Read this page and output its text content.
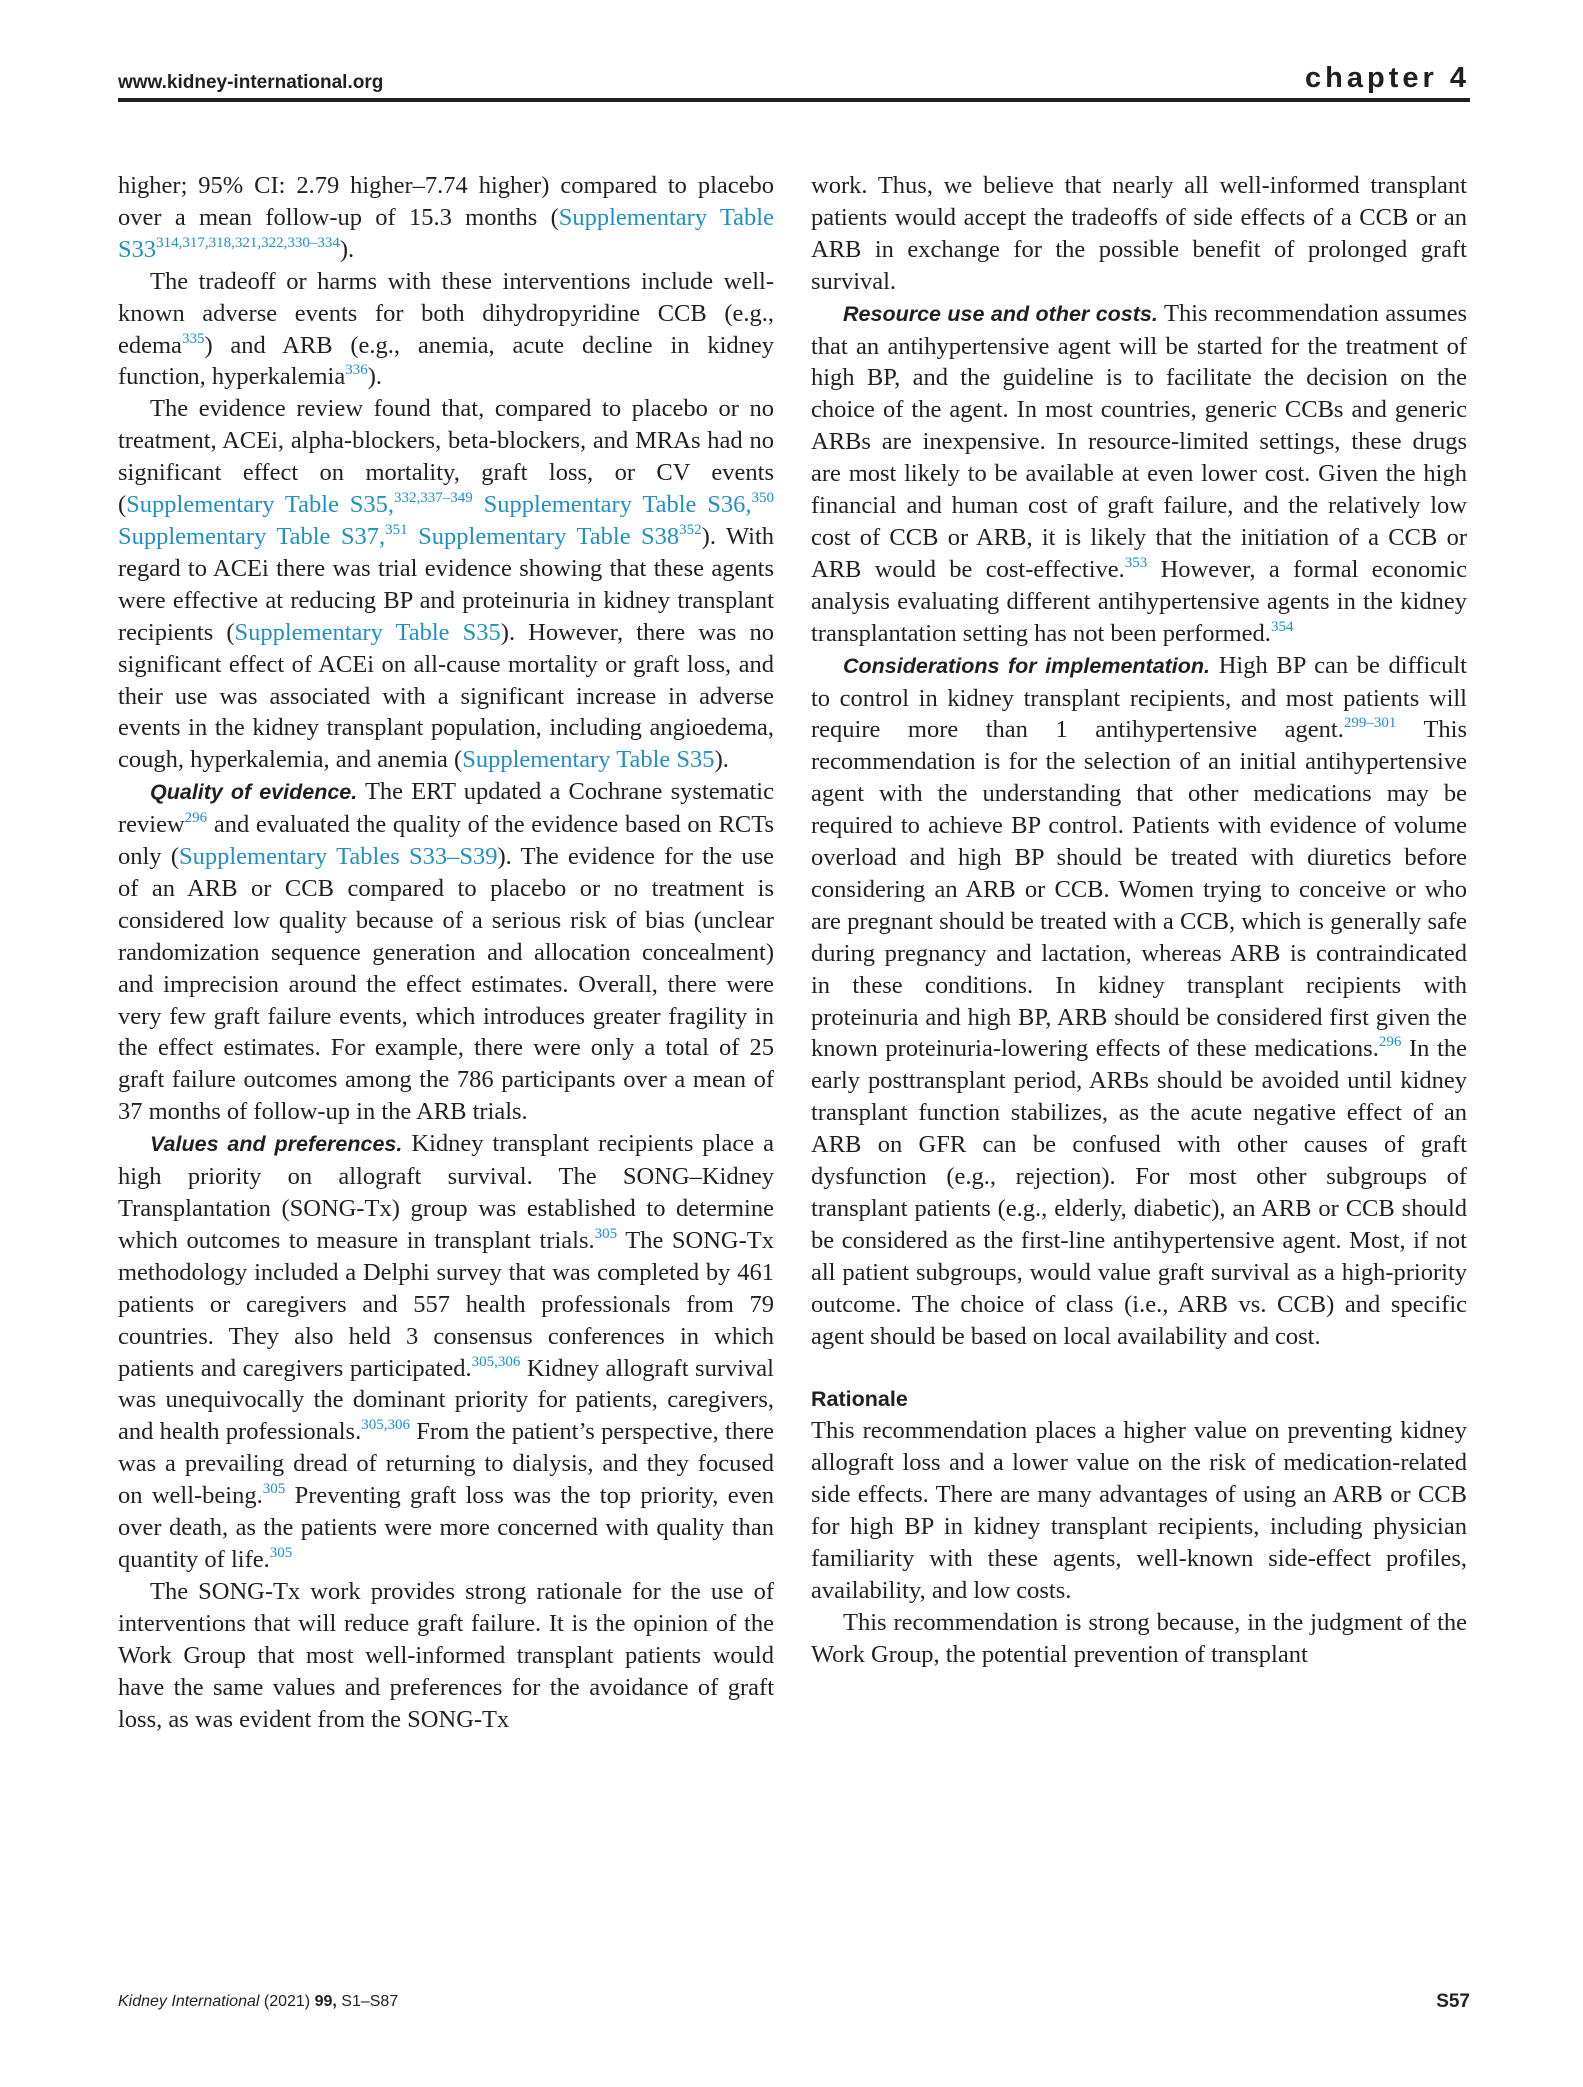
www.kidney-international.org	chapter 4

higher; 95% CI: 2.79 higher–7.74 higher) compared to placebo over a mean follow-up of 15.3 months (Supplementary Table S33$^{314,317,318,321,322,330-334}$).

The tradeoff or harms with these interventions include well-known adverse events for both dihydropyridine CCB (e.g., edema$^{335}$) and ARB (e.g., anemia, acute decline in kidney function, hyperkalemia$^{336}$).

The evidence review found that, compared to placebo or no treatment, ACEi, alpha-blockers, beta-blockers, and MRAs had no significant effect on mortality, graft loss, or CV events (Supplementary Table S35,$^{332,337-349}$ Supplementary Table S36,$^{350}$ Supplementary Table S37,$^{351}$ Supplementary Table $S38^{352}$). With regard to ACEi there was trial evidence showing that these agents were effective at reducing BP and proteinuria in kidney transplant recipients (Supplementary Table S35). However, there was no significant effect of ACEi on all-cause mortality or graft loss, and their use was associated with a significant increase in adverse events in the kidney transplant population, including angioedema, cough, hyperkalemia, and anemia (Supplementary Table S35).

Quality of evidence. The ERT updated a Cochrane systematic review$^{296}$ and evaluated the quality of the evidence based on RCTs only (Supplementary Tables S33–S39). The evidence for the use of an ARB or CCB compared to placebo or no treatment is considered low quality because of a serious risk of bias (unclear randomization sequence generation and allocation concealment) and imprecision around the effect estimates. Overall, there were very few graft failure events, which introduces greater fragility in the effect estimates. For example, there were only a total of 25 graft failure outcomes among the 786 participants over a mean of 37 months of follow-up in the ARB trials.

Values and preferences. Kidney transplant recipients place a high priority on allograft survival. The SONG–Kidney Transplantation (SONG-Tx) group was established to determine which outcomes to measure in transplant trials.$^{305}$ The SONG-Tx methodology included a Delphi survey that was completed by 461 patients or caregivers and 557 health professionals from 79 countries. They also held 3 consensus conferences in which patients and caregivers participated.$^{305,306}$ Kidney allograft survival was unequivocally the dominant priority for patients, caregivers, and health professionals.$^{305,306}$ From the patient’s perspective, there was a prevailing dread of returning to dialysis, and they focused on well-being.$^{305}$ Preventing graft loss was the top priority, even over death, as the patients were more concerned with quality than quantity of life.$^{305}$

The SONG-Tx work provides strong rationale for the use of interventions that will reduce graft failure. It is the opinion of the Work Group that most well-informed transplant patients would have the same values and preferences for the avoidance of graft loss, as was evident from the SONG-Tx

work. Thus, we believe that nearly all well-informed transplant patients would accept the tradeoffs of side effects of a CCB or an ARB in exchange for the possible benefit of prolonged graft survival.

Resource use and other costs. This recommendation assumes that an antihypertensive agent will be started for the treatment of high BP, and the guideline is to facilitate the decision on the choice of the agent. In most countries, generic CCBs and generic ARBs are inexpensive. In resource-limited settings, these drugs are most likely to be available at even lower cost. Given the high financial and human cost of graft failure, and the relatively low cost of CCB or ARB, it is likely that the initiation of a CCB or ARB would be cost-effective.$^{353}$ However, a formal economic analysis evaluating different antihypertensive agents in the kidney transplantation setting has not been performed.$^{354}$

Considerations for implementation. High BP can be difficult to control in kidney transplant recipients, and most patients will require more than 1 antihypertensive agent.$^{299-301}$ This recommendation is for the selection of an initial antihypertensive agent with the understanding that other medications may be required to achieve BP control. Patients with evidence of volume overload and high BP should be treated with diuretics before considering an ARB or CCB. Women trying to conceive or who are pregnant should be treated with a CCB, which is generally safe during pregnancy and lactation, whereas ARB is contraindicated in these conditions. In kidney transplant recipients with proteinuria and high BP, ARB should be considered first given the known proteinuria-lowering effects of these medications.$^{296}$ In the early posttransplant period, ARBs should be avoided until kidney transplant function stabilizes, as the acute negative effect of an ARB on GFR can be confused with other causes of graft dysfunction (e.g., rejection). For most other subgroups of transplant patients (e.g., elderly, diabetic), an ARB or CCB should be considered as the first-line antihypertensive agent. Most, if not all patient subgroups, would value graft survival as a high-priority outcome. The choice of class (i.e., ARB vs. CCB) and specific agent should be based on local availability and cost.

Rationale

This recommendation places a higher value on preventing kidney allograft loss and a lower value on the risk of medication-related side effects. There are many advantages of using an ARB or CCB for high BP in kidney transplant recipients, including physician familiarity with these agents, well-known side-effect profiles, availability, and low costs.

This recommendation is strong because, in the judgment of the Work Group, the potential prevention of transplant

Kidney International (2021) 99, S1–S87	S57
